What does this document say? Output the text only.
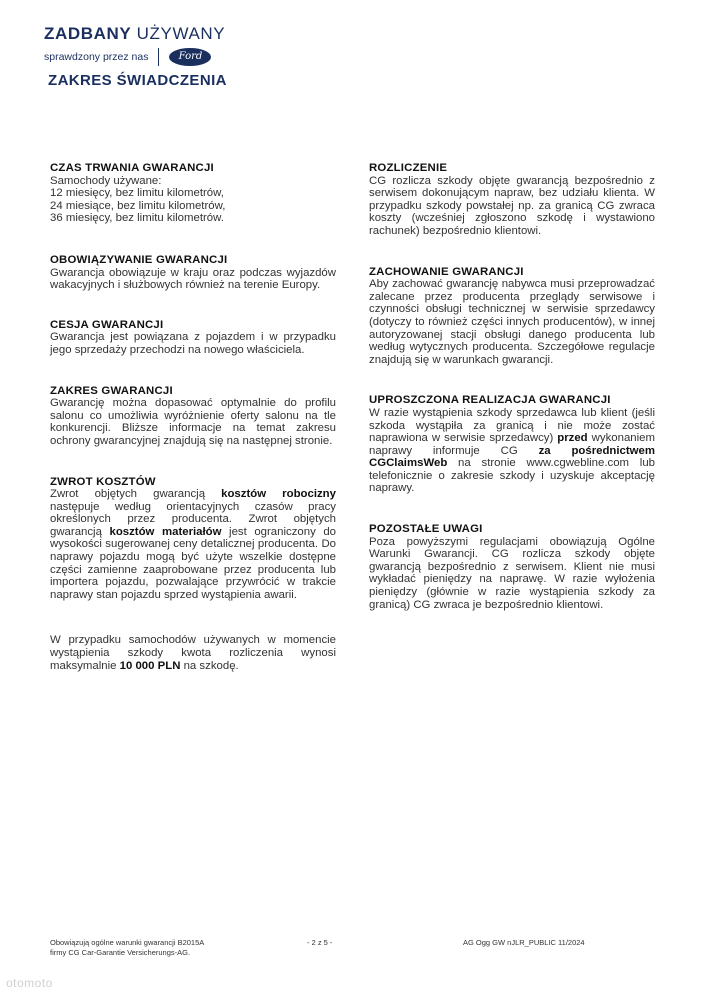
ZADBANY UŻYWANY
sprawdzony przez nas	Ford
ZAKRES ŚWIADCZENIA
CZAS TRWANIA GWARANCJI

Samochody używane:

12 miesięcy, bez limitu kilometrów,

24 miesiące, bez limitu kilometrów,

36 miesięcy, bez limitu kilometrów.

OBOWIĄZYWANIE GWARANCJI

Gwarancja obowiązuje w kraju oraz podczas wyjazdów wakacyjnych i służbowych również na terenie Europy.

CESJA GWARANCJI

Gwarancja jest powiązana z pojazdem i w przypadku jego sprzedaży przechodzi na nowego właściciela.

ZAKRES GWARANCJI

Gwarancję można dopasować optymalnie do profilu salonu co umożliwia wyróżnienie oferty salonu na tle konkurencji. Bliższe informacje na temat zakresu ochrony gwarancyjnej znajdują się na następnej stronie.

ZWROT KOSZTÓW

Zwrot objętych gwarancją kosztów robocizny następuje według orientacyjnych czasów pracy określonych przez producenta. Zwrot objętych gwarancją kosztów materiałów jest ograniczony do wysokości sugerowanej ceny detalicznej producenta. Do naprawy pojazdu mogą być użyte wszelkie dostępne części zamienne zaaprobowane przez producenta lub importera pojazdu, pozwalające przywrócić w trakcie naprawy stan pojazdu sprzed wystąpienia awarii.

W przypadku samochodów używanych w momencie wystąpienia szkody kwota rozliczenia wynosi maksymalnie 10 000 PLN na szkodę.

ROZLICZENIE

CG rozlicza szkody objęte gwarancją bezpośrednio z serwisem dokonującym napraw, bez udziału klienta. W przypadku szkody powstałej np. za granicą CG zwraca koszty (wcześniej zgłoszono szkodę i wystawiono rachunek) bezpośrednio klientowi.

ZACHOWANIE GWARANCJI

Aby zachować gwarancję nabywca musi przeprowadzać zalecane przez producenta przeglądy serwisowe i czynności obsługi technicznej w serwisie sprzedawcy (dotyczy to również części innych producentów), w innej autoryzowanej stacji obsługi danego producenta lub według wytycznych producenta. Szczegółowe regulacje znajdują się w warunkach gwarancji.

UPROSZCZONA REALIZACJA GWARANCJI

W razie wystąpienia szkody sprzedawca lub klient (jeśli szkoda wystąpiła za granicą i nie może zostać naprawiona w serwisie sprzedawcy) przed wykonaniem naprawy informuje CG za pośrednictwem CGClaimsWeb na stronie www.cgwebline.com lub telefonicznie o zakresie szkody i uzyskuje akceptację naprawy.

POZOSTAŁE UWAGI

Poza powyższymi regulacjami obowiązują Ogólne Warunki Gwarancji. CG rozlicza szkody objęte gwarancją bezpośrednio z serwisem. Klient nie musi wykładać pieniędzy na naprawę. W razie wyłożenia pieniędzy (głównie w razie wystąpienia szkody za granicą) CG zwraca je bezpośrednio klientowi.

Obowiązują ogólne warunki gwarancji B2015A
firmy CG Car-Garantie Versicherungs-AG.
- 2 z 5 -	AG Ogg GW nJLR_PUBLIC 11/2024
otomoto
